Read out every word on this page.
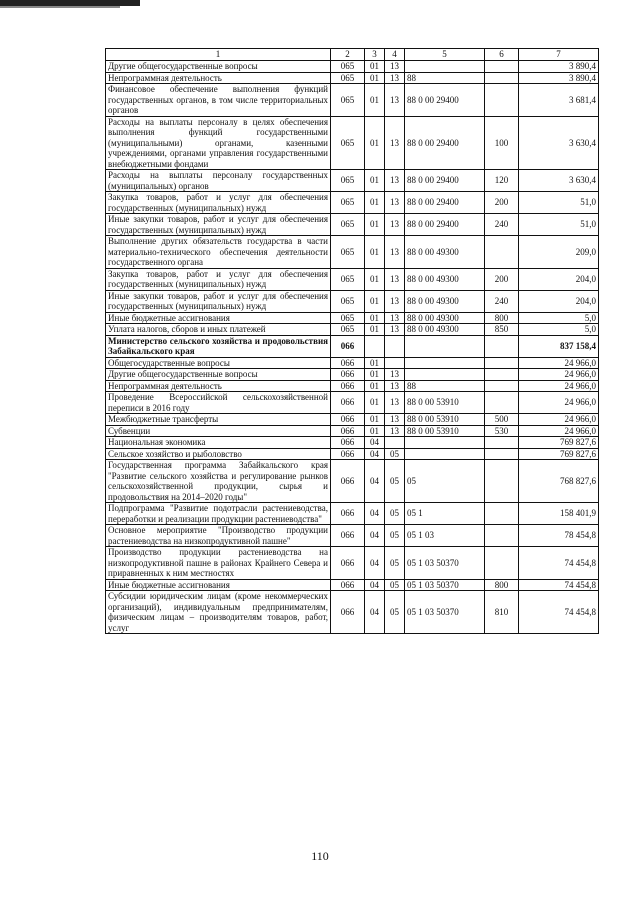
1	2	3	4	5	6	7
Другие общегосударственные вопросы	065	01	13			3 890,4
Непрограммная деятельность	065	01	13	88		3 890,4
Финансовое обеспечение выполнения функций государственных органов, в том числе территориальных органов	065	01	13	88 0 00 29400		3 681,4
Расходы на выплаты персоналу в целях обеспечения выполнения функций государственными (муниципальными) органами, казенными учреждениями, органами управления государственными внебюджетными фондами	065	01	13	88 0 00 29400	100	3 630,4
Расходы на выплаты персоналу государственных (муниципальных) органов	065	01	13	88 0 00 29400	120	3 630,4
Закупка товаров, работ и услуг для обеспечения государственных (муниципальных) нужд	065	01	13	88 0 00 29400	200	51,0
Иные закупки товаров, работ и услуг для обеспечения государственных (муниципальных) нужд	065	01	13	88 0 00 29400	240	51,0
Выполнение других обязательств государства в части материально-технического обеспечения деятельности государственного органа	065	01	13	88 0 00 49300		209,0
Закупка товаров, работ и услуг для обеспечения государственных (муниципальных) нужд	065	01	13	88 0 00 49300	200	204,0
Иные закупки товаров, работ и услуг для обеспечения государственных (муниципальных) нужд	065	01	13	88 0 00 49300	240	204,0
Иные бюджетные ассигнования	065	01	13	88 0 00 49300	800	5,0
Уплата налогов, сборов и иных платежей	065	01	13	88 0 00 49300	850	5,0
Министерство сельского хозяйства и продовольствия Забайкальского края	066					837 158,4
Общегосударственные вопросы	066	01				24 966,0
Другие общегосударственные вопросы	066	01	13			24 966,0
Непрограммная деятельность	066	01	13	88		24 966,0
Проведение Всероссийской сельскохозяйственной переписи в 2016 году	066	01	13	88 0 00 53910		24 966,0
Межбюджетные трансферты	066	01	13	88 0 00 53910	500	24 966,0
Субвенции	066	01	13	88 0 00 53910	530	24 966,0
Национальная экономика	066	04				769 827,6
Сельское хозяйство и рыболовство	066	04	05			769 827,6
Государственная программа Забайкальского края "Развитие сельского хозяйства и регулирование рынков сельскохозяйственной продукции, сырья и продовольствия на 2014–2020 годы"	066	04	05	05		768 827,6
Подпрограмма "Развитие подотрасли растениеводства, переработки и реализации продукции растениеводства"	066	04	05	05 1		158 401,9
Основное мероприятие "Производство продукции растениеводства на низкопродуктивной пашне"	066	04	05	05 1 03		78 454,8
Производство продукции растениеводства на низкопродуктивной пашне в районах Крайнего Севера и приравненных к ним местностях	066	04	05	05 1 03 50370		74 454,8
Иные бюджетные ассигнования	066	04	05	05 1 03 50370	800	74 454,8
Субсидии юридическим лицам (кроме некоммерческих организаций), индивидуальным предпринимателям, физическим лицам – производителям товаров, работ, услуг	066	04	05	05 1 03 50370	810	74 454,8
110
